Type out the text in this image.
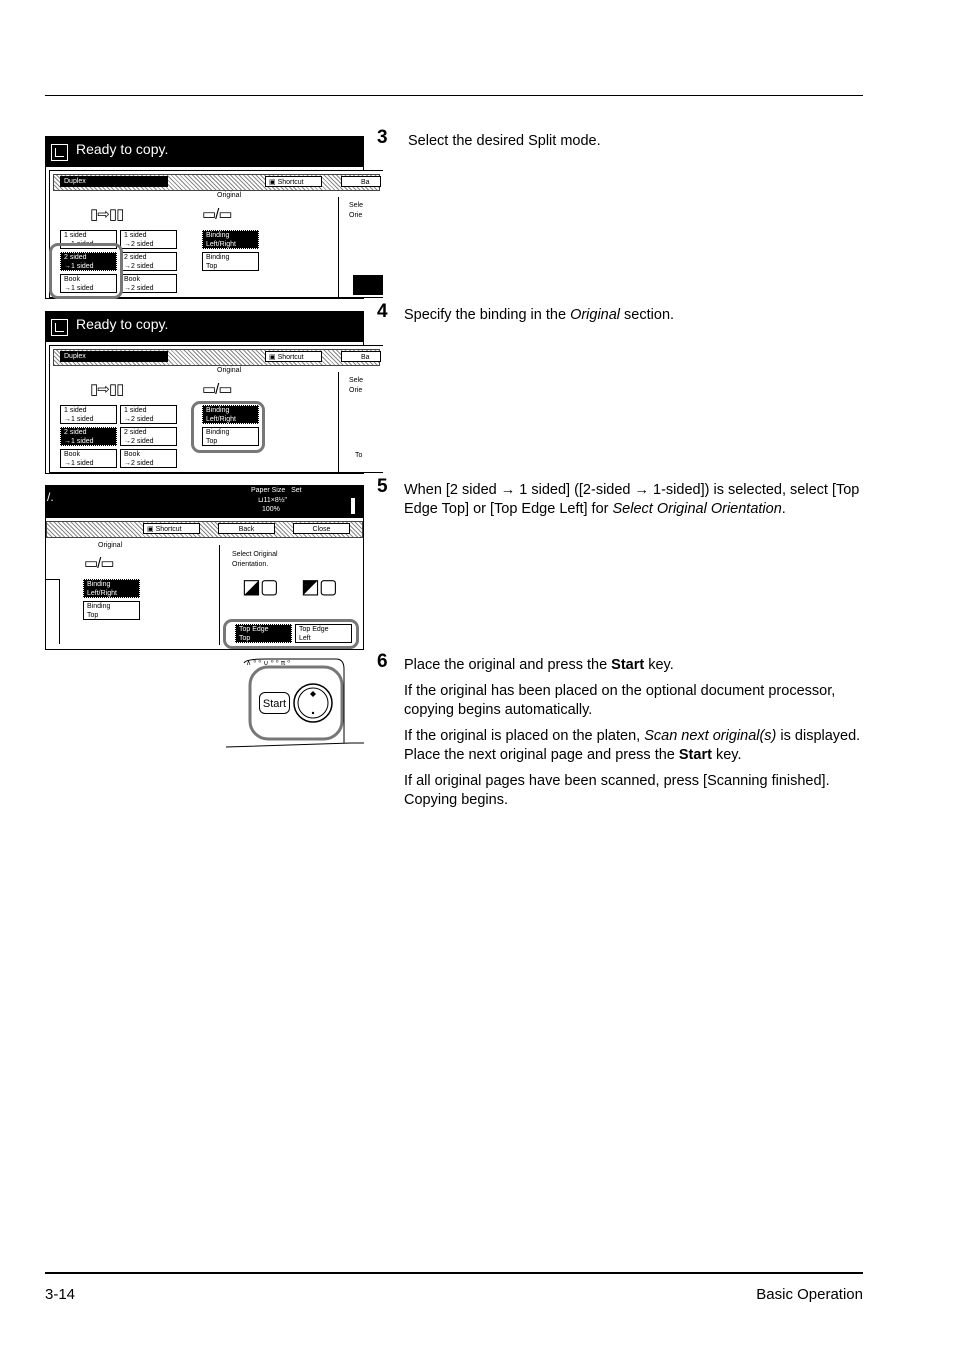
Ready to copy.
Duplex	▣ Shortcut	Ba
Original
▯⇨▯▯	▭/▭
1 sided
→1 sided
1 sided
→2 sided
2 sided
→1 sided
2 sided
→2 sided
Book
→1 sided
Book
→2 sided
Binding
Left/Right
Binding
Top
Sele
Orie
Ready to copy.
Duplex	▣ Shortcut	Ba
Original
▯⇨▯▯	▭/▭
1 sided
→1 sided
1 sided
→2 sided
2 sided
→1 sided
2 sided
→2 sided
Book
→1 sided
Book
→2 sided
Binding
Left/Right
Binding
Top
Sele
Orie
To
/.	Paper Size Set
⊔11×8½"
100%
▣ Shortcut	Back	Close
Original
▭/▭
Binding
Left/Right
Binding
Top
Select Original
Orientation.
◪▢ ◩▢
Top Edge
Top
Top Edge
Left
∧ ⁰ ⁰ ∪ ⁰ ⁰ π ⁰
Start
3 Select the desired Split mode.

4 Specify the binding in the Original section.

5 When [2 sided → 1 sided] ([2-sided → 1-sided]) is selected, select [Top Edge Top] or [Top Edge Left] for Select Original Orientation.

6 Place the original and press the Start key.

If the original has been placed on the optional document processor, copying begins automatically.

If the original is placed on the platen, Scan next original(s) is displayed. Place the next original page and press the Start key.

If all original pages have been scanned, press [Scanning finished]. Copying begins.

3-14	Basic Operation
